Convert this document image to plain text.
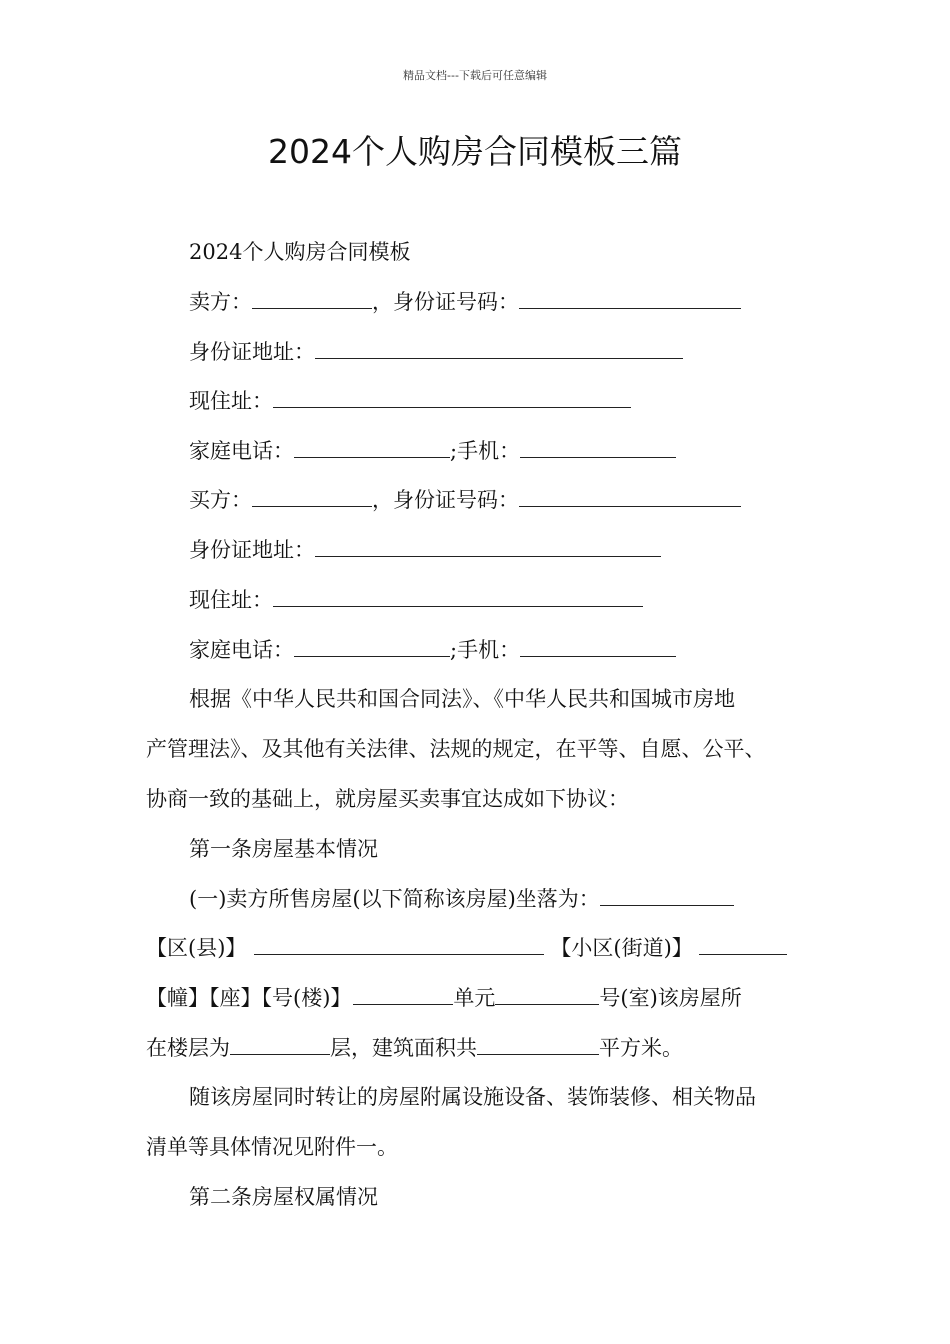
精品文档---下载后可任意编辑
2024个人购房合同模板三篇
2024个人购房合同模板
卖方：	，身份证号码：
身份证地址：
现住址：
家庭电话：	;手机：
买方：	，身份证号码：
身份证地址：
现住址：
家庭电话：	;手机：
根据《中华人民共和国合同法》、《中华人民共和国城市房地
产管理法》、及其他有关法律、法规的规定，在平等、自愿、公平、
协商一致的基础上，就房屋买卖事宜达成如下协议：
第一条房屋基本情况
(一)卖方所售房屋(以下简称该房屋)坐落为：
【区(县)】	【小区(街道)】
【幢】【座】【号(楼)】	单元	号(室)该房屋所
在楼层为	层，建筑面积共	平方米。
随该房屋同时转让的房屋附属设施设备、装饰装修、相关物品
清单等具体情况见附件一。
第二条房屋权属情况
